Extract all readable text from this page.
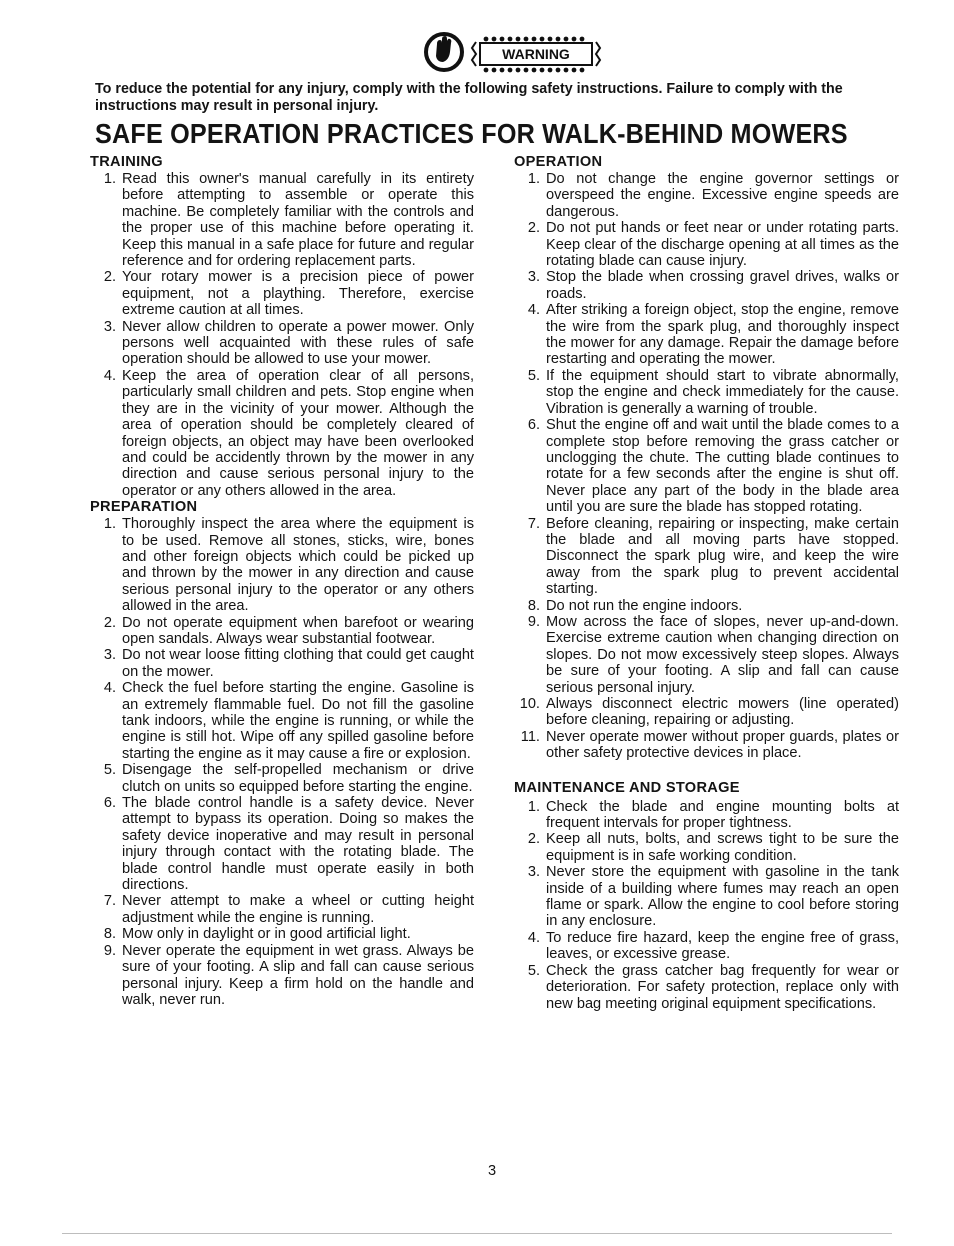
WARNING
To reduce the potential for any injury, comply with the following safety instructions. Failure to comply with the instructions may result in personal injury.
SAFE OPERATION PRACTICES FOR WALK-BEHIND MOWERS
TRAINING
1. Read this owner's manual carefully in its entirety before attempting to assemble or operate this machine. Be completely familiar with the controls and the proper use of this machine before operating it. Keep this manual in a safe place for future and regular reference and for ordering replacement parts.
2. Your rotary mower is a precision piece of power equipment, not a plaything. Therefore, exercise extreme caution at all times.
3. Never allow children to operate a power mower. Only persons well acquainted with these rules of safe operation should be allowed to use your mower.
4. Keep the area of operation clear of all persons, particularly small children and pets. Stop engine when they are in the vicinity of your mower. Although the area of operation should be completely cleared of foreign objects, an object may have been overlooked and could be accidently thrown by the mower in any direction and cause serious personal injury to the operator or any others allowed in the area.
PREPARATION
1. Thoroughly inspect the area where the equipment is to be used. Remove all stones, sticks, wire, bones and other foreign objects which could be picked up and thrown by the mower in any direction and cause serious personal injury to the operator or any others allowed in the area.
2. Do not operate equipment when barefoot or wearing open sandals. Always wear substantial footwear.
3. Do not wear loose fitting clothing that could get caught on the mower.
4. Check the fuel before starting the engine. Gasoline is an extremely flammable fuel. Do not fill the gasoline tank indoors, while the engine is running, or while the engine is still hot. Wipe off any spilled gasoline before starting the engine as it may cause a fire or explosion.
5. Disengage the self-propelled mechanism or drive clutch on units so equipped before starting the engine.
6. The blade control handle is a safety device. Never attempt to bypass its operation. Doing so makes the safety device inoperative and may result in personal injury through contact with the rotating blade. The blade control handle must operate easily in both directions.
7. Never attempt to make a wheel or cutting height adjustment while the engine is running.
8. Mow only in daylight or in good artificial light.
9. Never operate the equipment in wet grass. Always be sure of your footing. A slip and fall can cause serious personal injury. Keep a firm hold on the handle and walk, never run.
OPERATION
1. Do not change the engine governor settings or overspeed the engine. Excessive engine speeds are dangerous.
2. Do not put hands or feet near or under rotating parts. Keep clear of the discharge opening at all times as the rotating blade can cause injury.
3. Stop the blade when crossing gravel drives, walks or roads.
4. After striking a foreign object, stop the engine, remove the wire from the spark plug, and thoroughly inspect the mower for any damage. Repair the damage before restarting and operating the mower.
5. If the equipment should start to vibrate abnormally, stop the engine and check immediately for the cause. Vibration is generally a warning of trouble.
6. Shut the engine off and wait until the blade comes to a complete stop before removing the grass catcher or unclogging the chute. The cutting blade continues to rotate for a few seconds after the engine is shut off. Never place any part of the body in the blade area until you are sure the blade has stopped rotating.
7. Before cleaning, repairing or inspecting, make certain the blade and all moving parts have stopped. Disconnect the spark plug wire, and keep the wire away from the spark plug to prevent accidental starting.
8. Do not run the engine indoors.
9. Mow across the face of slopes, never up-and-down. Exercise extreme caution when changing direction on slopes. Do not mow excessively steep slopes. Always be sure of your footing. A slip and fall can cause serious personal injury.
10. Always disconnect electric mowers (line operated) before cleaning, repairing or adjusting.
11. Never operate mower without proper guards, plates or other safety protective devices in place.
MAINTENANCE AND STORAGE
1. Check the blade and engine mounting bolts at frequent intervals for proper tightness.
2. Keep all nuts, bolts, and screws tight to be sure the equipment is in safe working condition.
3. Never store the equipment with gasoline in the tank inside of a building where fumes may reach an open flame or spark. Allow the engine to cool before storing in any enclosure.
4. To reduce fire hazard, keep the engine free of grass, leaves, or excessive grease.
5. Check the grass catcher bag frequently for wear or deterioration. For safety protection, replace only with new bag meeting original equipment specifications.
3
